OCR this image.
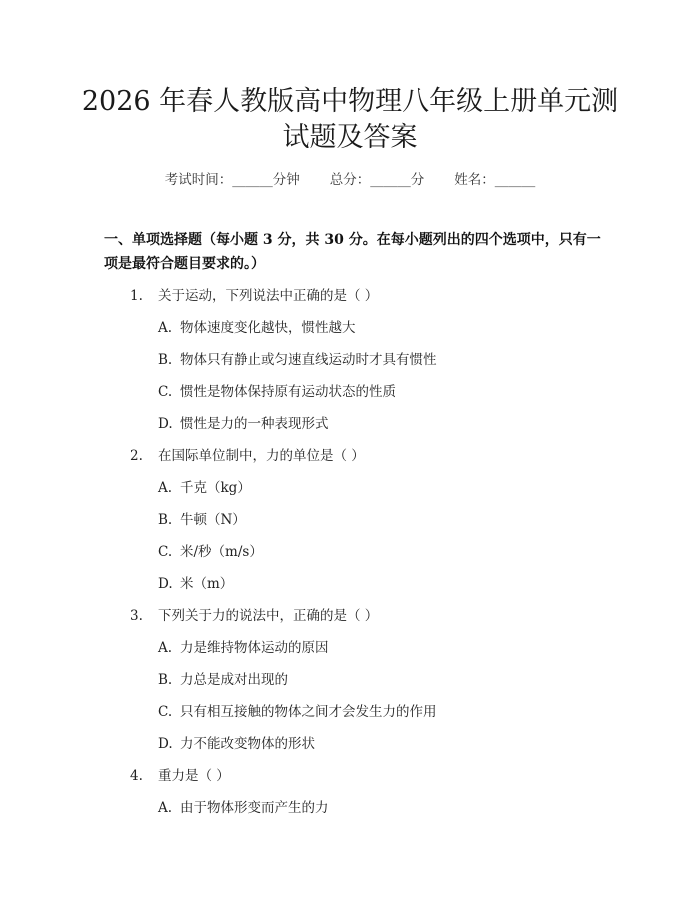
2026 年春人教版高中物理八年级上册单元测
试题及答案
考试时间：______分钟 总分：______分 姓名：______
一、单项选择题（每小题 3 分，共 30 分。在每小题列出的四个选项中，只有一项是最符合题目要求的。）
1. 关于运动，下列说法中正确的是（ ）
A. 物体速度变化越快，惯性越大
B. 物体只有静止或匀速直线运动时才具有惯性
C. 惯性是物体保持原有运动状态的性质
D. 惯性是力的一种表现形式
2. 在国际单位制中，力的单位是（ ）
A. 千克（kg）
B. 牛顿（N）
C. 米/秒（m/s）
D. 米（m）
3. 下列关于力的说法中，正确的是（ ）
A. 力是维持物体运动的原因
B. 力总是成对出现的
C. 只有相互接触的物体之间才会发生力的作用
D. 力不能改变物体的形状
4. 重力是（ ）
A. 由于物体形变而产生的力
